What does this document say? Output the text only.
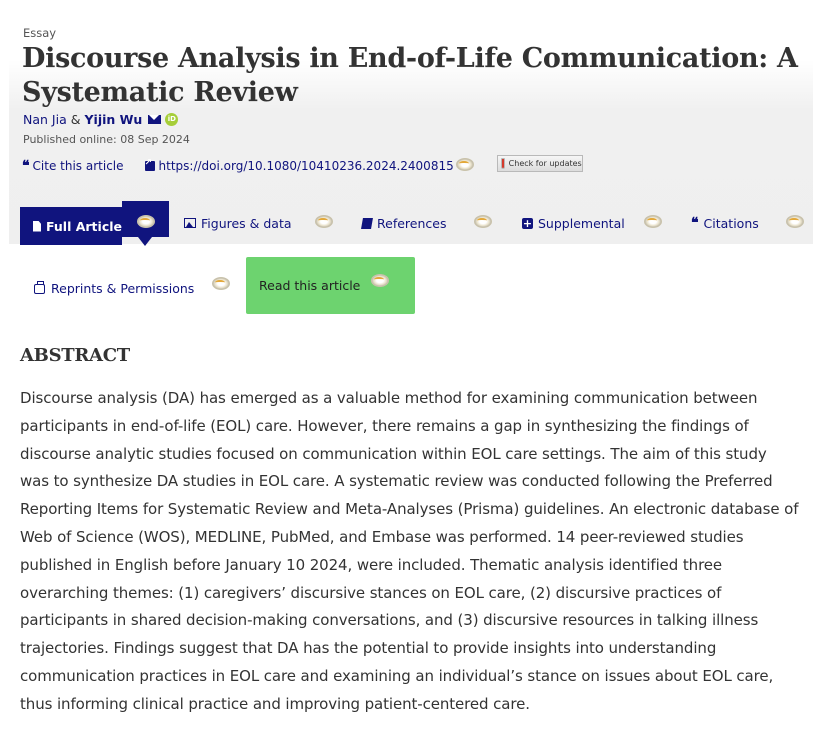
Essay
Discourse Analysis in End-of-Life Communication: A Systematic Review
Nan Jia & Yijin Wu	iD
Published online: 08 Sep 2024
❝ Cite this article
↗	https://doi.org/10.1080/10410236.2024.2400815	Check for updates
Full Article	Figures & data	References	+ Supplemental	❝ Citations
Reprints & Permissions	Read this article
ABSTRACT

Discourse analysis (DA) has emerged as a valuable method for examining communication between participants in end-of-life (EOL) care. However, there remains a gap in synthesizing the findings of discourse analytic studies focused on communication within EOL care settings. The aim of this study was to synthesize DA studies in EOL care. A systematic review was conducted following the Preferred Reporting Items for Systematic Review and Meta-Analyses (Prisma) guidelines. An electronic database of Web of Science (WOS), MEDLINE, PubMed, and Embase was performed. 14 peer-reviewed studies published in English before January 10 2024, were included. Thematic analysis identified three overarching themes: (1) caregivers’ discursive stances on EOL care, (2) discursive practices of participants in shared decision-making conversations, and (3) discursive resources in talking illness trajectories. Findings suggest that DA has the potential to provide insights into understanding communication practices in EOL care and examining an individual’s stance on issues about EOL care, thus informing clinical practice and improving patient-centered care.
